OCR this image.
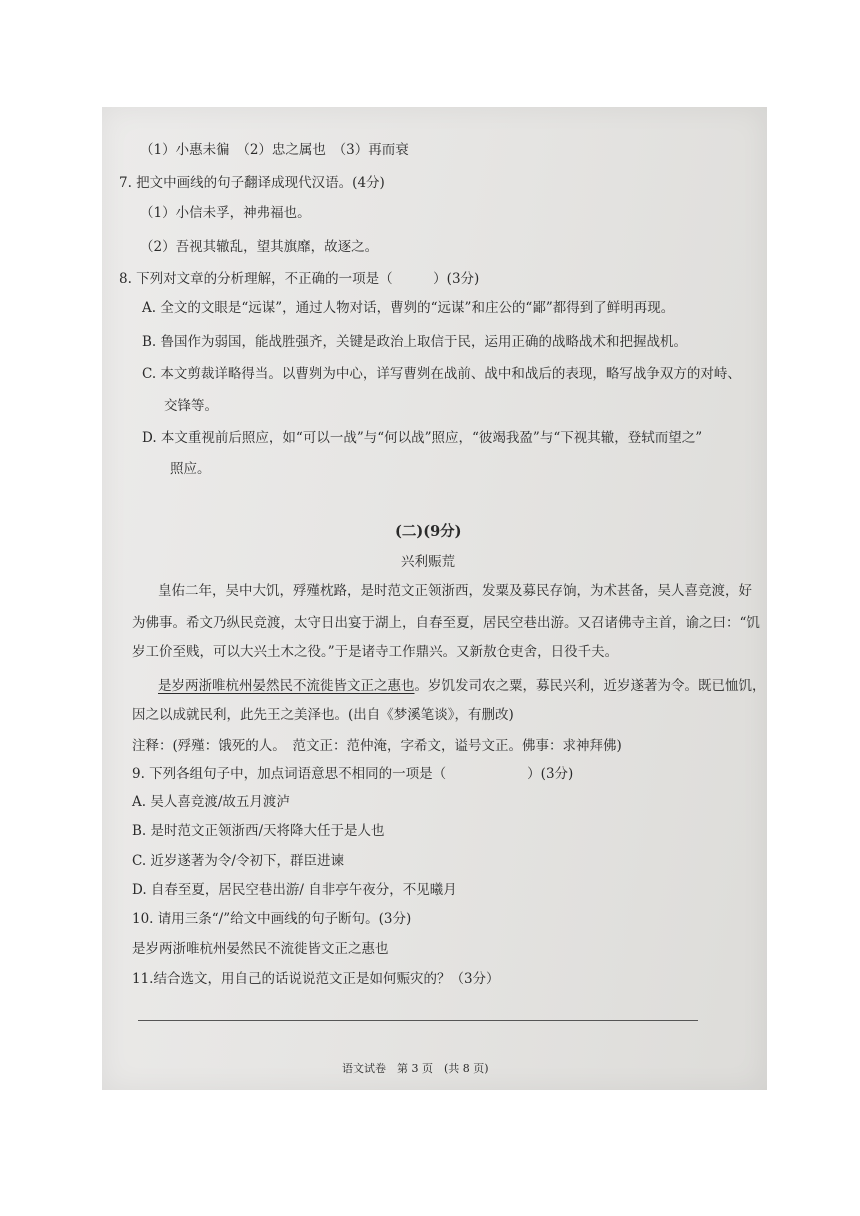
（1）小惠未徧　（2）忠之属也　（3）再而衰
7. 把文中画线的句子翻译成现代汉语。(4分)
（1）小信未孚，神弗福也。
（2）吾视其辙乱，望其旗靡，故逐之。
8. 下列对文章的分析理解，不正确的一项是（　　　）(3分)
A. 全文的文眼是“远谋”，通过人物对话，曹刿的“远谋”和庄公的“鄙”都得到了鲜明再现。
B. 鲁国作为弱国，能战胜强齐，关键是政治上取信于民，运用正确的战略战术和把握战机。
C. 本文剪裁详略得当。以曹刿为中心，详写曹刿在战前、战中和战后的表现，略写战争双方的对峙、
交锋等。
D. 本文重视前后照应，如“可以一战”与“何以战”照应，“彼竭我盈”与“下视其辙，登轼而望之”
照应。
(二)(9分)
兴利赈荒
皇佑二年，吴中大饥，殍殣枕路，是时范文正领浙西，发粟及募民存饷，为术甚备，吴人喜竞渡，好
为佛事。希文乃纵民竞渡，太守日出宴于湖上，自春至夏，居民空巷出游。又召诸佛寺主首，谕之曰：“饥
岁工价至贱，可以大兴土木之役。”于是诸寺工作鼎兴。又新敖仓吏舍，日役千夫。
是岁两浙唯杭州晏然民不流徙皆文正之惠也。岁饥发司农之粟，募民兴利，近岁遂著为令。既已恤饥，
因之以成就民利，此先王之美泽也。(出自《梦溪笔谈》，有删改)
注释：(殍殣：饿死的人。　范文正：范仲淹，字希文，谥号文正。佛事：求神拜佛)
9. 下列各组句子中，加点词语意思不相同的一项是（　　　　　　）(3分)
A. 吴人喜竞渡/故五月渡泸
B. 是时范文正领浙西/天将降大任于是人也
C. 近岁遂著为令/令初下，群臣进谏
D. 自春至夏，居民空巷出游/ 自非亭午夜分，不见曦月
10. 请用三条“/”给文中画线的句子断句。(3分)
是岁两浙唯杭州晏然民不流徙皆文正之惠也
11.结合选文，用自己的话说说范文正是如何赈灾的？（3分）
语文试卷　第 3 页　(共 8 页)
